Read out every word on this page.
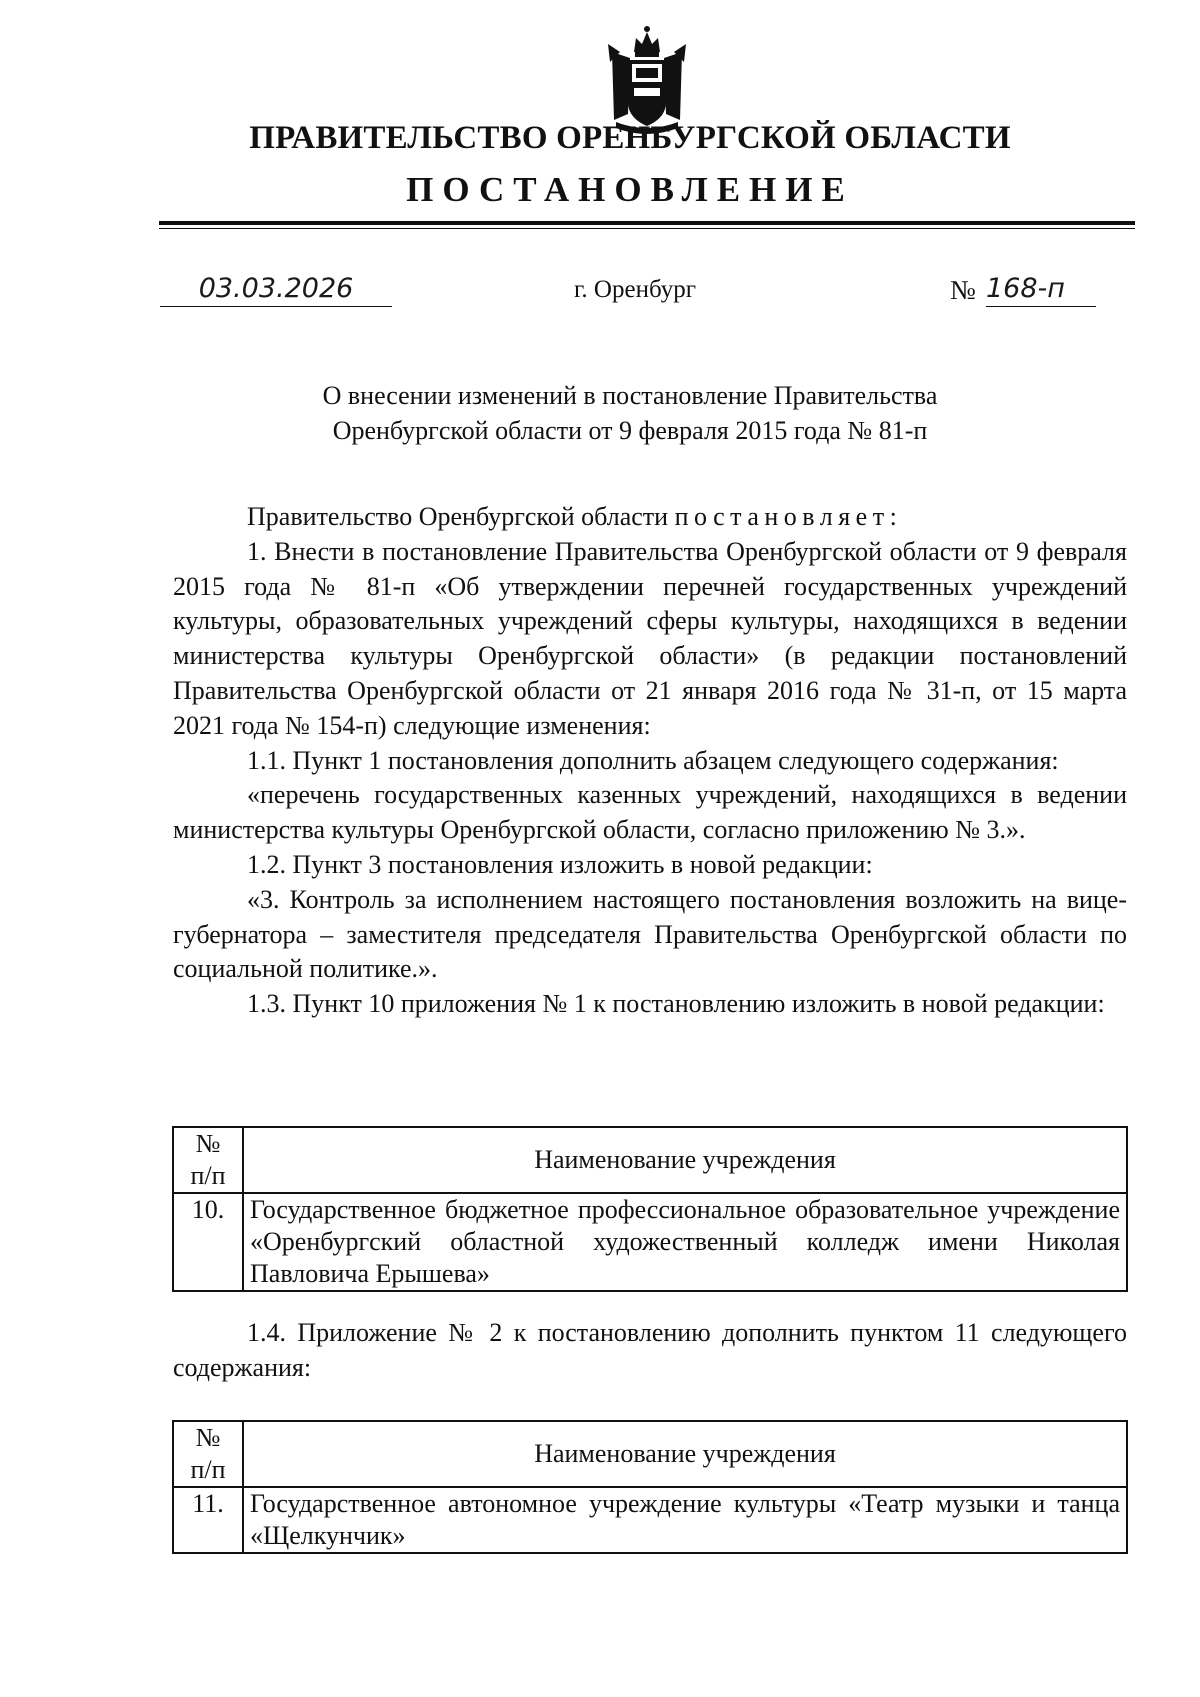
ПРАВИТЕЛЬСТВО ОРЕНБУРГСКОЙ ОБЛАСТИ
ПОСТАНОВЛЕНИЕ
03.03.2026	г. Оренбург	№ 168-п
О внесении изменений в постановление Правительства
Оренбургской области от 9 февраля 2015 года № 81-п

Правительство Оренбургской области постановляет:

1. Внести в постановление Правительства Оренбургской области от 9 февраля 2015 года № 81-п «Об утверждении перечней государственных учреждений культуры, образовательных учреждений сферы культуры, находящихся в ведении министерства культуры Оренбургской области» (в редакции постановлений Правительства Оренбургской области от 21 января 2016 года № 31-п, от 15 марта 2021 года № 154-п) следующие изменения:

1.1. Пункт 1 постановления дополнить абзацем следующего содержания:

«перечень государственных казенных учреждений, находящихся в ведении министерства культуры Оренбургской области, согласно приложению № 3.».

1.2. Пункт 3 постановления изложить в новой редакции:

«3. Контроль за исполнением настоящего постановления возложить на вице-губернатора – заместителя председателя Правительства Оренбургской области по социальной политике.».

1.3. Пункт 10 приложения № 1 к постановлению изложить в новой редакции:

№
п/п	Наименование учреждения
10.	Государственное бюджетное профессиональное образовательное учреждение «Оренбургский областной художественный колледж имени Николая Павловича Ерышева»

1.4. Приложение № 2 к постановлению дополнить пунктом 11 следующего содержания:

№
п/п	Наименование учреждения
11.	Государственное автономное учреждение культуры «Театр музыки и танца «Щелкунчик»
